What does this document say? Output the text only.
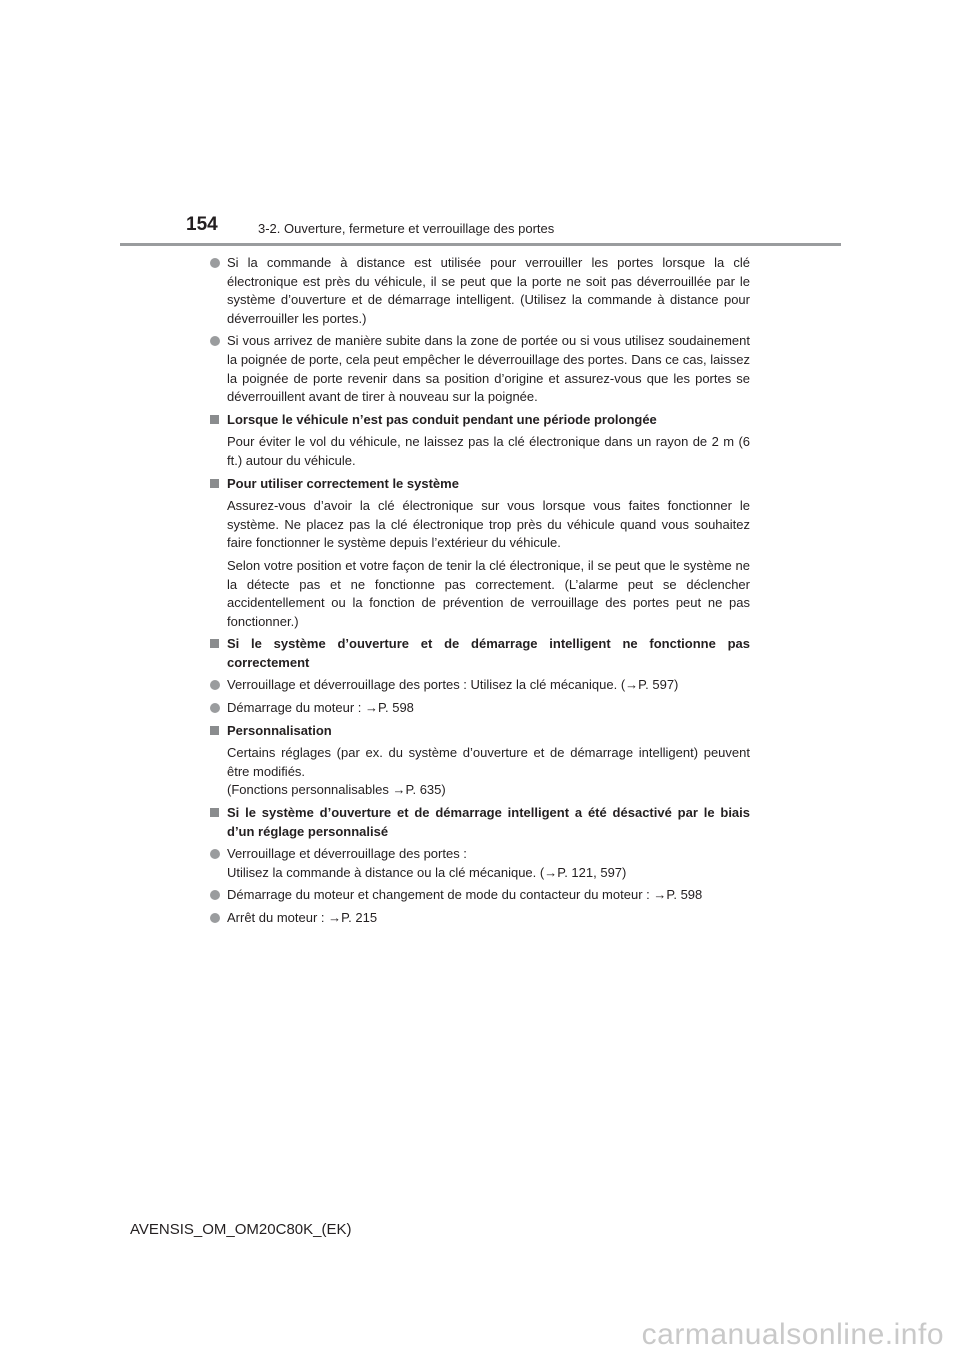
154	3-2. Ouverture, fermeture et verrouillage des portes
Si la commande à distance est utilisée pour verrouiller les portes lorsque la clé électronique est près du véhicule, il se peut que la porte ne soit pas déverrouillée par le système d’ouverture et de démarrage intelligent. (Utilisez la commande à distance pour déverrouiller les portes.)
Si vous arrivez de manière subite dans la zone de portée ou si vous utilisez soudainement la poignée de porte, cela peut empêcher le déverrouillage des portes. Dans ce cas, laissez la poignée de porte revenir dans sa position d’origine et assurez-vous que les portes se déverrouillent avant de tirer à nouveau sur la poignée.
Lorsque le véhicule n’est pas conduit pendant une période prolongée
Pour éviter le vol du véhicule, ne laissez pas la clé électronique dans un rayon de 2 m (6 ft.) autour du véhicule.
Pour utiliser correctement le système
Assurez-vous d’avoir la clé électronique sur vous lorsque vous faites fonctionner le système. Ne placez pas la clé électronique trop près du véhicule quand vous souhaitez faire fonctionner le système depuis l’extérieur du véhicule.
Selon votre position et votre façon de tenir la clé électronique, il se peut que le système ne la détecte pas et ne fonctionne pas correctement. (L’alarme peut se déclencher accidentellement ou la fonction de prévention de verrouillage des portes peut ne pas fonctionner.)
Si le système d’ouverture et de démarrage intelligent ne fonctionne pas correctement
Verrouillage et déverrouillage des portes : Utilisez la clé mécanique. (→P. 597)
Démarrage du moteur : →P. 598
Personnalisation
Certains réglages (par ex. du système d’ouverture et de démarrage intelligent) peuvent être modifiés.
(Fonctions personnalisables →P. 635)
Si le système d’ouverture et de démarrage intelligent a été désactivé par le biais d’un réglage personnalisé
Verrouillage et déverrouillage des portes :
Utilisez la commande à distance ou la clé mécanique. (→P. 121, 597)
Démarrage du moteur et changement de mode du contacteur du moteur : →P. 598
Arrêt du moteur : →P. 215
AVENSIS_OM_OM20C80K_(EK)
carmanualsonline.info
